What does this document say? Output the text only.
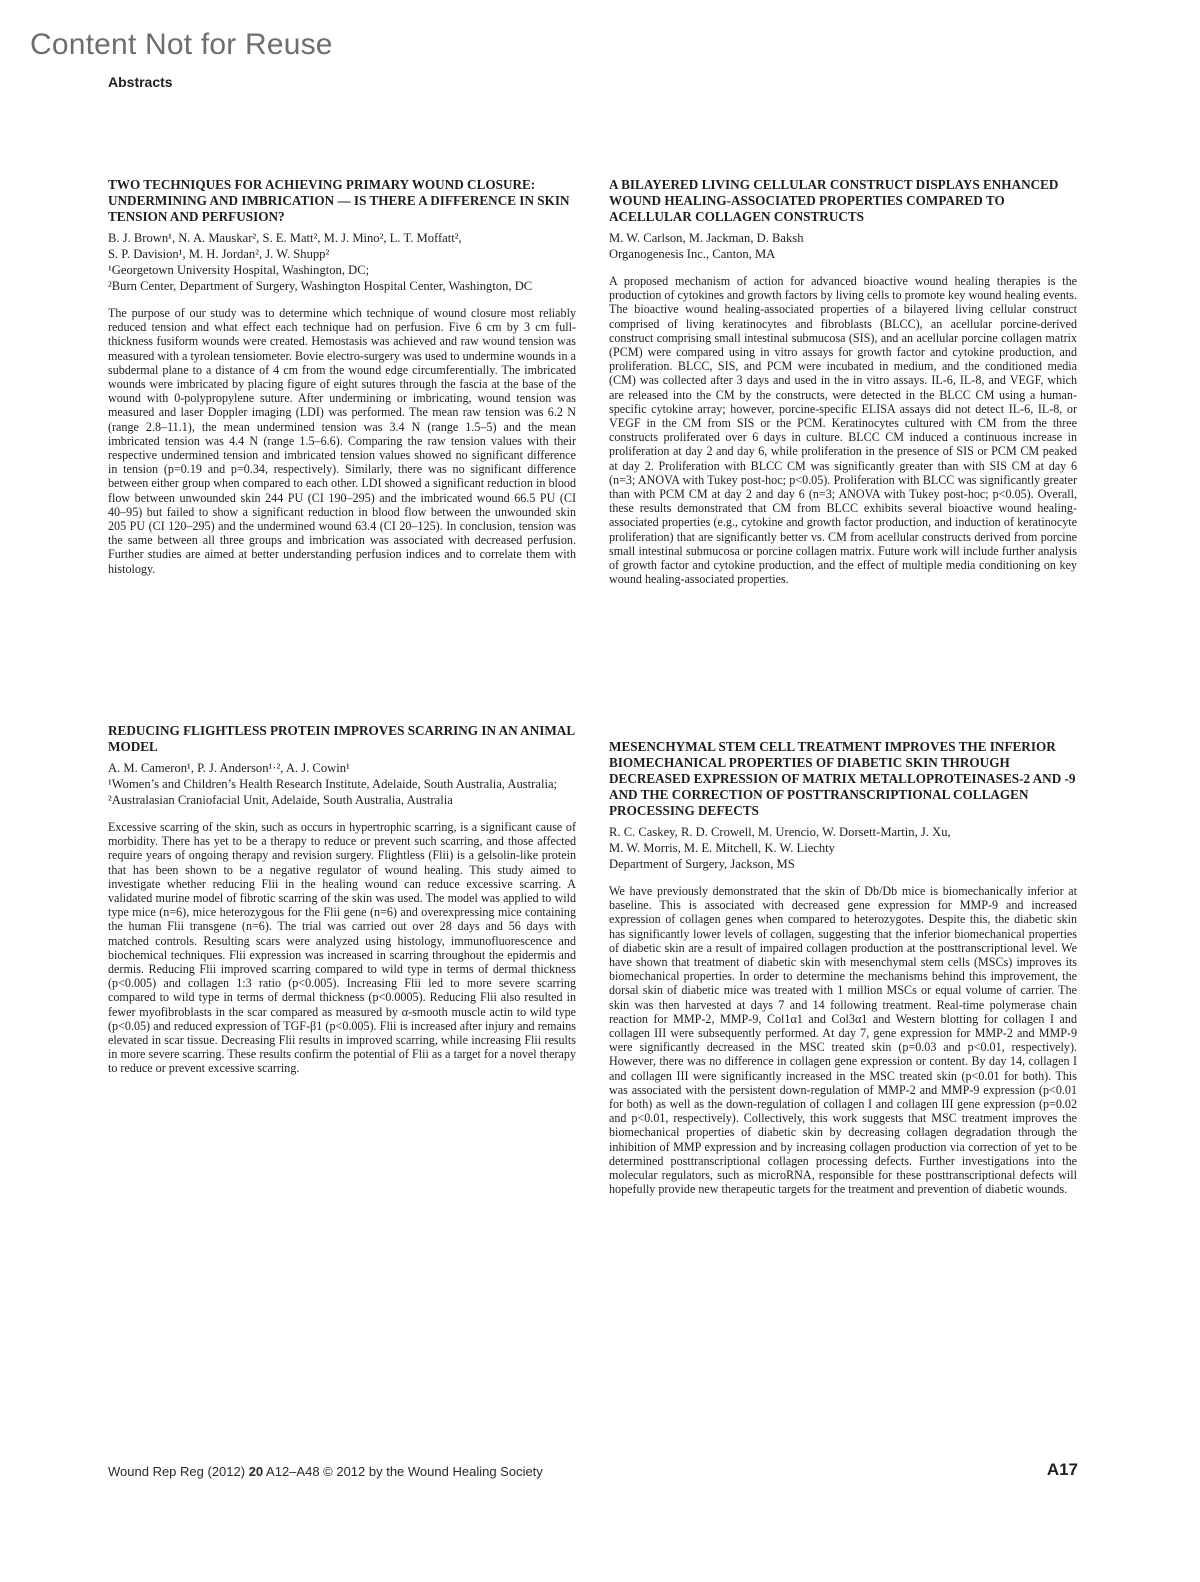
Content Not for Reuse
Abstracts
TWO TECHNIQUES FOR ACHIEVING PRIMARY WOUND CLOSURE: UNDERMINING AND IMBRICATION — IS THERE A DIFFERENCE IN SKIN TENSION AND PERFUSION?

B. J. Brown¹, N. A. Mauskar², S. E. Matt², M. J. Mino², L. T. Moffatt²,
S. P. Davision¹, M. H. Jordan², J. W. Shupp²

¹Georgetown University Hospital, Washington, DC;

²Burn Center, Department of Surgery, Washington Hospital Center, Washington, DC

The purpose of our study was to determine which technique of wound closure most reliably reduced tension and what effect each technique had on perfusion. Five 6 cm by 3 cm full-thickness fusiform wounds were created. Hemostasis was achieved and raw wound tension was measured with a tyrolean tensiometer. Bovie electro-surgery was used to undermine wounds in a subdermal plane to a distance of 4 cm from the wound edge circumferentially. The imbricated wounds were imbricated by placing figure of eight sutures through the fascia at the base of the wound with 0-polypropylene suture. After undermining or imbricating, wound tension was measured and laser Doppler imaging (LDI) was performed. The mean raw tension was 6.2 N (range 2.8–11.1), the mean undermined tension was 3.4 N (range 1.5–5) and the mean imbricated tension was 4.4 N (range 1.5–6.6). Comparing the raw tension values with their respective undermined tension and imbricated tension values showed no significant difference in tension (p=0.19 and p=0.34, respectively). Similarly, there was no significant difference between either group when compared to each other. LDI showed a significant reduction in blood flow between unwounded skin 244 PU (CI 190–295) and the imbricated wound 66.5 PU (CI 40–95) but failed to show a significant reduction in blood flow between the unwounded skin 205 PU (CI 120–295) and the undermined wound 63.4 (CI 20–125). In conclusion, tension was the same between all three groups and imbrication was associated with decreased perfusion. Further studies are aimed at better understanding perfusion indices and to correlate them with histology.

A BILAYERED LIVING CELLULAR CONSTRUCT DISPLAYS ENHANCED WOUND HEALING-ASSOCIATED PROPERTIES COMPARED TO ACELLULAR COLLAGEN CONSTRUCTS

M. W. Carlson, M. Jackman, D. Baksh

Organogenesis Inc., Canton, MA

A proposed mechanism of action for advanced bioactive wound healing therapies is the production of cytokines and growth factors by living cells to promote key wound healing events. The bioactive wound healing-associated properties of a bilayered living cellular construct comprised of living keratinocytes and fibroblasts (BLCC), an acellular porcine-derived construct comprising small intestinal submucosa (SIS), and an acellular porcine collagen matrix (PCM) were compared using in vitro assays for growth factor and cytokine production, and proliferation. BLCC, SIS, and PCM were incubated in medium, and the conditioned media (CM) was collected after 3 days and used in the in vitro assays. IL-6, IL-8, and VEGF, which are released into the CM by the constructs, were detected in the BLCC CM using a human-specific cytokine array; however, porcine-specific ELISA assays did not detect IL-6, IL-8, or VEGF in the CM from SIS or the PCM. Keratinocytes cultured with CM from the three constructs proliferated over 6 days in culture. BLCC CM induced a continuous increase in proliferation at day 2 and day 6, while proliferation in the presence of SIS or PCM CM peaked at day 2. Proliferation with BLCC CM was significantly greater than with SIS CM at day 6 (n=3; ANOVA with Tukey post-hoc; p<0.05). Proliferation with BLCC was significantly greater than with PCM CM at day 2 and day 6 (n=3; ANOVA with Tukey post-hoc; p<0.05). Overall, these results demonstrated that CM from BLCC exhibits several bioactive wound healing-associated properties (e.g., cytokine and growth factor production, and induction of keratinocyte proliferation) that are significantly better vs. CM from acellular constructs derived from porcine small intestinal submucosa or porcine collagen matrix. Future work will include further analysis of growth factor and cytokine production, and the effect of multiple media conditioning on key wound healing-associated properties.

REDUCING FLIGHTLESS PROTEIN IMPROVES SCARRING IN AN ANIMAL MODEL

A. M. Cameron¹, P. J. Anderson¹·², A. J. Cowin¹

¹Women’s and Children’s Health Research Institute, Adelaide, South Australia, Australia;

²Australasian Craniofacial Unit, Adelaide, South Australia, Australia

Excessive scarring of the skin, such as occurs in hypertrophic scarring, is a significant cause of morbidity. There has yet to be a therapy to reduce or prevent such scarring, and those affected require years of ongoing therapy and revision surgery. Flightless (Flii) is a gelsolin-like protein that has been shown to be a negative regulator of wound healing. This study aimed to investigate whether reducing Flii in the healing wound can reduce excessive scarring. A validated murine model of fibrotic scarring of the skin was used. The model was applied to wild type mice (n=6), mice heterozygous for the Flii gene (n=6) and overexpressing mice containing the human Flii transgene (n=6). The trial was carried out over 28 days and 56 days with matched controls. Resulting scars were analyzed using histology, immunofluorescence and biochemical techniques. Flii expression was increased in scarring throughout the epidermis and dermis. Reducing Flii improved scarring compared to wild type in terms of dermal thickness (p<0.005) and collagen 1:3 ratio (p<0.005). Increasing Flii led to more severe scarring compared to wild type in terms of dermal thickness (p<0.0005). Reducing Flii also resulted in fewer myofibroblasts in the scar compared as measured by α-smooth muscle actin to wild type (p<0.05) and reduced expression of TGF-β1 (p<0.005). Flii is increased after injury and remains elevated in scar tissue. Decreasing Flii results in improved scarring, while increasing Flii results in more severe scarring. These results confirm the potential of Flii as a target for a novel therapy to reduce or prevent excessive scarring.

MESENCHYMAL STEM CELL TREATMENT IMPROVES THE INFERIOR BIOMECHANICAL PROPERTIES OF DIABETIC SKIN THROUGH DECREASED EXPRESSION OF MATRIX METALLOPROTEINASES-2 AND -9 AND THE CORRECTION OF POSTTRANSCRIPTIONAL COLLAGEN PROCESSING DEFECTS

R. C. Caskey, R. D. Crowell, M. Urencio, W. Dorsett-Martin, J. Xu,
M. W. Morris, M. E. Mitchell, K. W. Liechty

Department of Surgery, Jackson, MS

We have previously demonstrated that the skin of Db/Db mice is biomechanically inferior at baseline. This is associated with decreased gene expression for MMP-9 and increased expression of collagen genes when compared to heterozygotes. Despite this, the diabetic skin has significantly lower levels of collagen, suggesting that the inferior biomechanical properties of diabetic skin are a result of impaired collagen production at the posttranscriptional level. We have shown that treatment of diabetic skin with mesenchymal stem cells (MSCs) improves its biomechanical properties. In order to determine the mechanisms behind this improvement, the dorsal skin of diabetic mice was treated with 1 million MSCs or equal volume of carrier. The skin was then harvested at days 7 and 14 following treatment. Real-time polymerase chain reaction for MMP-2, MMP-9, Col1α1 and Col3α1 and Western blotting for collagen I and collagen III were subsequently performed. At day 7, gene expression for MMP-2 and MMP-9 were significantly decreased in the MSC treated skin (p=0.03 and p<0.01, respectively). However, there was no difference in collagen gene expression or content. By day 14, collagen I and collagen III were significantly increased in the MSC treated skin (p<0.01 for both). This was associated with the persistent down-regulation of MMP-2 and MMP-9 expression (p<0.01 for both) as well as the down-regulation of collagen I and collagen III gene expression (p=0.02 and p<0.01, respectively). Collectively, this work suggests that MSC treatment improves the biomechanical properties of diabetic skin by decreasing collagen degradation through the inhibition of MMP expression and by increasing collagen production via correction of yet to be determined posttranscriptional collagen processing defects. Further investigations into the molecular regulators, such as microRNA, responsible for these posttranscriptional defects will hopefully provide new therapeutic targets for the treatment and prevention of diabetic wounds.

Wound Rep Reg (2012) 20 A12–A48 © 2012 by the Wound Healing Society	A17
